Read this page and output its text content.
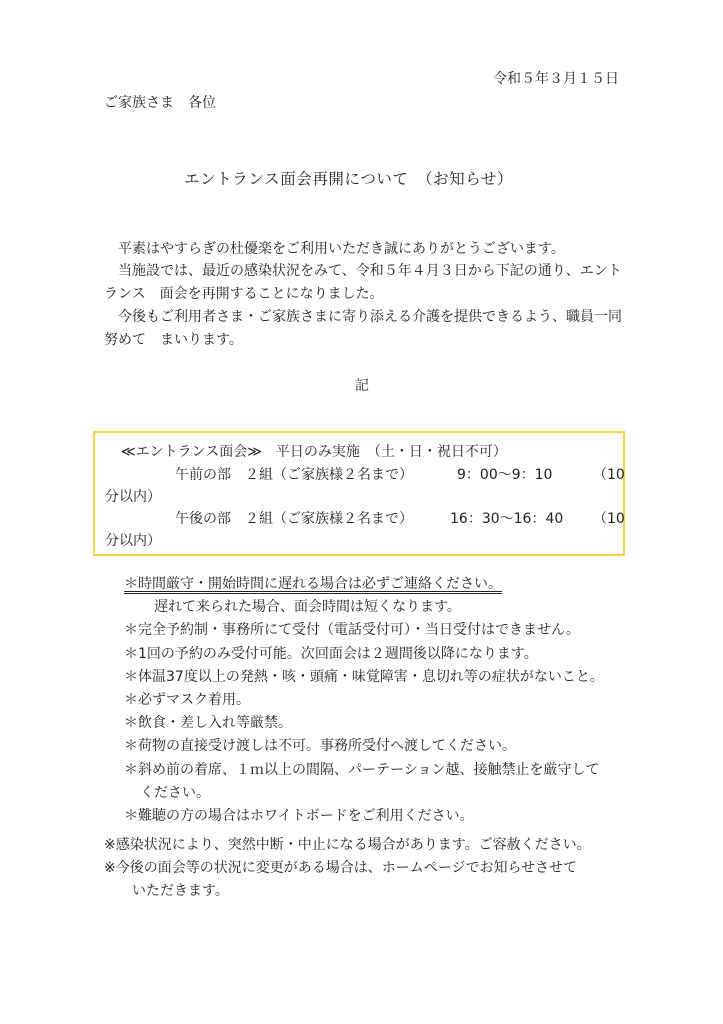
令和５年３月１５日
ご家族さま　各位
エントランス面会再開について　（お知らせ）
　平素はやすらぎの杜優楽をご利用いただき誠にありがとうございます。
　当施設では、最近の感染状況をみて、令和５年４月３日から下記の通り、エントランス　面会を再開することになりました。
　今後もご利用者さま・ご家族さまに寄り添える介護を提供できるよう、職員一同努めて　まいります。
記
≪エントランス面会≫　平日のみ実施　（土・日・祝日不可）
午前の部　２組（ご家族様２名まで）	9：00～9：10	（10
分以内）
午後の部　２組（ご家族様２名まで）	16：30～16：40 （10
分以内）
＊時間厳守・開始時間に遅れる場合は必ずご連絡ください。
遅れて来られた場合、面会時間は短くなります。
＊完全予約制・事務所にて受付（電話受付可）・当日受付はできません。
＊1回の予約のみ受付可能。次回面会は２週間後以降になります。
＊体温37度以上の発熱・咳・頭痛・味覚障害・息切れ等の症状がないこと。
＊必ずマスク着用。
＊飲食・差し入れ等厳禁。
＊荷物の直接受け渡しは不可。事務所受付へ渡してください。
＊斜め前の着席、１ｍ以上の間隔、パーテーション越、接触禁止を厳守して
ください。
＊難聴の方の場合はホワイトボードをご利用ください。
※感染状況により、突然中断・中止になる場合があります。ご容赦ください。
※今後の面会等の状況に変更がある場合は、ホームページでお知らせさせて
いただきます。
